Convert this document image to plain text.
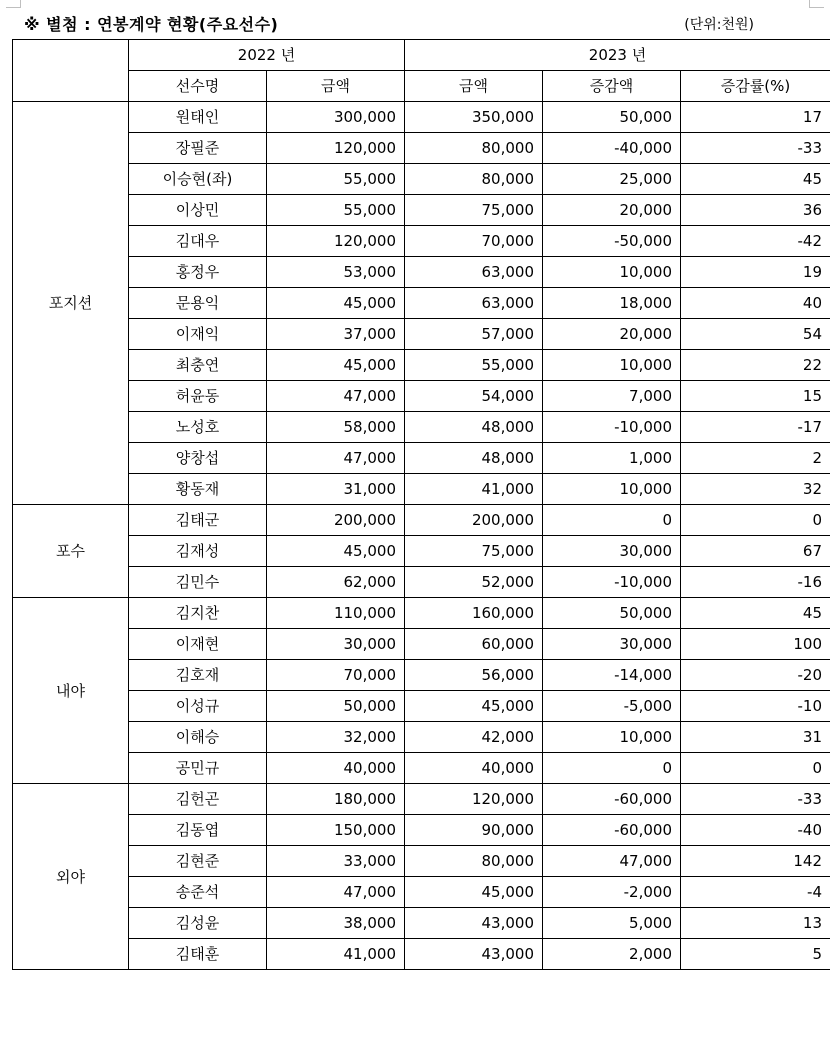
※ 별첨 : 연봉계약 현황(주요선수)	(단위:천원)
	2022 년		2023 년		
	선수명	금액	금액	증감액	증감률(%)
포지션	원태인	300,000	350,000	50,000	17
	장필준	120,000	80,000	-40,000	-33
	이승현(좌)	55,000	80,000	25,000	45
	이상민	55,000	75,000	20,000	36
	김대우	120,000	70,000	-50,000	-42
	홍정우	53,000	63,000	10,000	19
	문용익	45,000	63,000	18,000	40
	이재익	37,000	57,000	20,000	54
	최충연	45,000	55,000	10,000	22
	허윤동	47,000	54,000	7,000	15
	노성호	58,000	48,000	-10,000	-17
	양창섭	47,000	48,000	1,000	2
	황동재	31,000	41,000	10,000	32
포수	김태군	200,000	200,000	0	0
	김재성	45,000	75,000	30,000	67
	김민수	62,000	52,000	-10,000	-16
내야	김지찬	110,000	160,000	50,000	45
	이재현	30,000	60,000	30,000	100
	김호재	70,000	56,000	-14,000	-20
	이성규	50,000	45,000	-5,000	-10
	이해승	32,000	42,000	10,000	31
	공민규	40,000	40,000	0	0
외야	김헌곤	180,000	120,000	-60,000	-33
	김동엽	150,000	90,000	-60,000	-40
	김현준	33,000	80,000	47,000	142
	송준석	47,000	45,000	-2,000	-4
	김성윤	38,000	43,000	5,000	13
	김태훈	41,000	43,000	2,000	5
